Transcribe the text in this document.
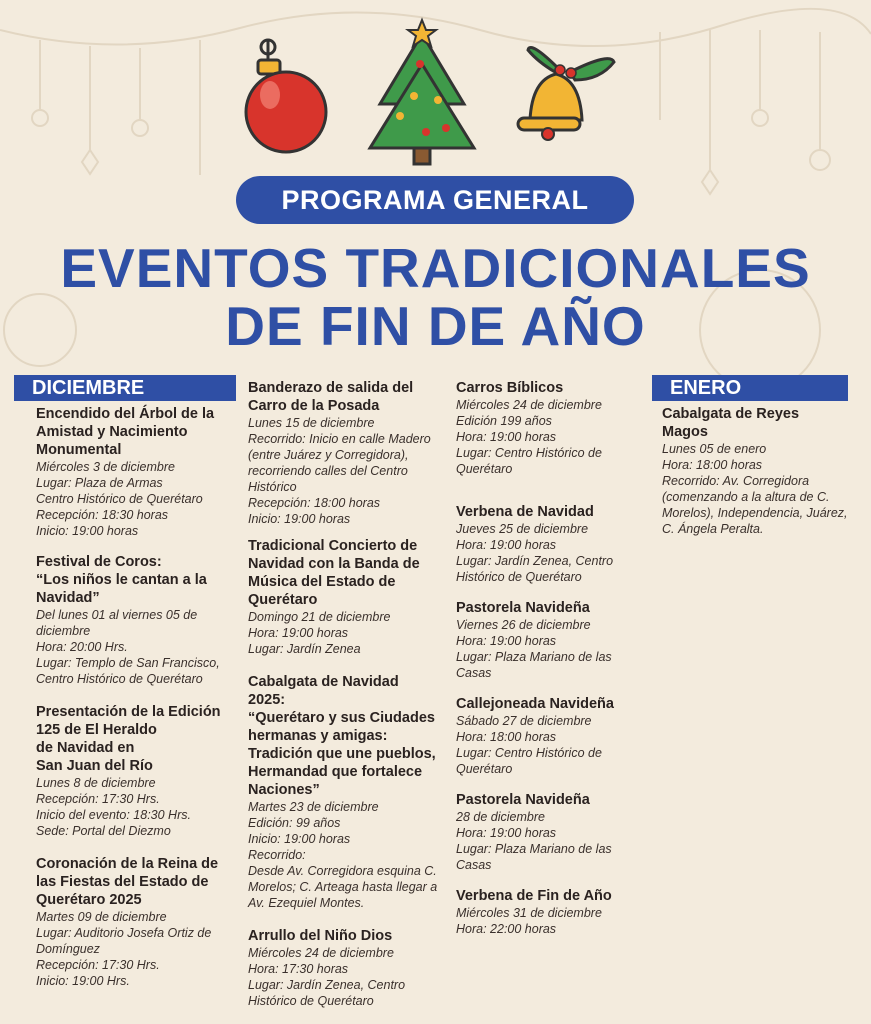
PROGRAMA GENERAL
EVENTOS TRADICIONALES
DE FIN DE AÑO
DICIEMBRE
Encendido del Árbol de la Amistad y Nacimiento Monumental
Miércoles 3 de diciembre
Lugar: Plaza de Armas
Centro Histórico de Querétaro
Recepción: 18:30 horas
Inicio: 19:00 horas
Festival de Coros:
“Los niños le cantan a la Navidad”
Del lunes 01 al viernes 05 de diciembre
Hora: 20:00 Hrs.
Lugar: Templo de San Francisco, Centro Histórico de Querétaro
Presentación de la Edición 125 de El Heraldo
de Navidad en
San Juan del Río
Lunes 8 de diciembre
Recepción: 17:30 Hrs.
Inicio del evento: 18:30 Hrs.
Sede: Portal del Diezmo
Coronación de la Reina de las Fiestas del Estado de Querétaro 2025
Martes 09 de diciembre
Lugar: Auditorio Josefa Ortiz de Domínguez
Recepción: 17:30 Hrs.
Inicio: 19:00 Hrs.
Banderazo de salida del Carro de la Posada
Lunes 15 de diciembre
Recorrido: Inicio en calle Madero (entre Juárez y Corregidora), recorriendo calles del Centro Histórico
Recepción: 18:00 horas
Inicio: 19:00 horas
Tradicional Concierto de Navidad con la Banda de Música del Estado de Querétaro
Domingo 21 de diciembre
Hora: 19:00 horas
Lugar: Jardín Zenea
Cabalgata de Navidad 2025:
“Querétaro y sus Ciudades hermanas y amigas:
Tradición que une pueblos, Hermandad que fortalece Naciones”
Martes 23 de diciembre
Edición: 99 años
Inicio: 19:00 horas
Recorrido:
Desde Av. Corregidora esquina C. Morelos; C. Arteaga hasta llegar a Av. Ezequiel Montes.
Arrullo del Niño Dios
Miércoles 24 de diciembre
Hora: 17:30 horas
Lugar: Jardín Zenea, Centro Histórico de Querétaro
Carros Bíblicos
Miércoles 24 de diciembre
Edición 199 años
Hora: 19:00 horas
Lugar: Centro Histórico de Querétaro
Verbena de Navidad
Jueves 25 de diciembre
Hora: 19:00 horas
Lugar: Jardín Zenea, Centro Histórico de Querétaro
Pastorela Navideña
Viernes 26 de diciembre
Hora: 19:00 horas
Lugar: Plaza Mariano de las Casas
Callejoneada Navideña
Sábado 27 de diciembre
Hora: 18:00 horas
Lugar: Centro Histórico de Querétaro
Pastorela Navideña
28 de diciembre
Hora: 19:00 horas
Lugar: Plaza Mariano de las Casas
Verbena de Fin de Año
Miércoles 31 de diciembre
Hora: 22:00 horas
ENERO
Cabalgata de Reyes Magos
Lunes 05 de enero
Hora: 18:00 horas
Recorrido: Av. Corregidora (comenzando a la altura de C. Morelos), Independencia, Juárez, C. Ángela Peralta.
